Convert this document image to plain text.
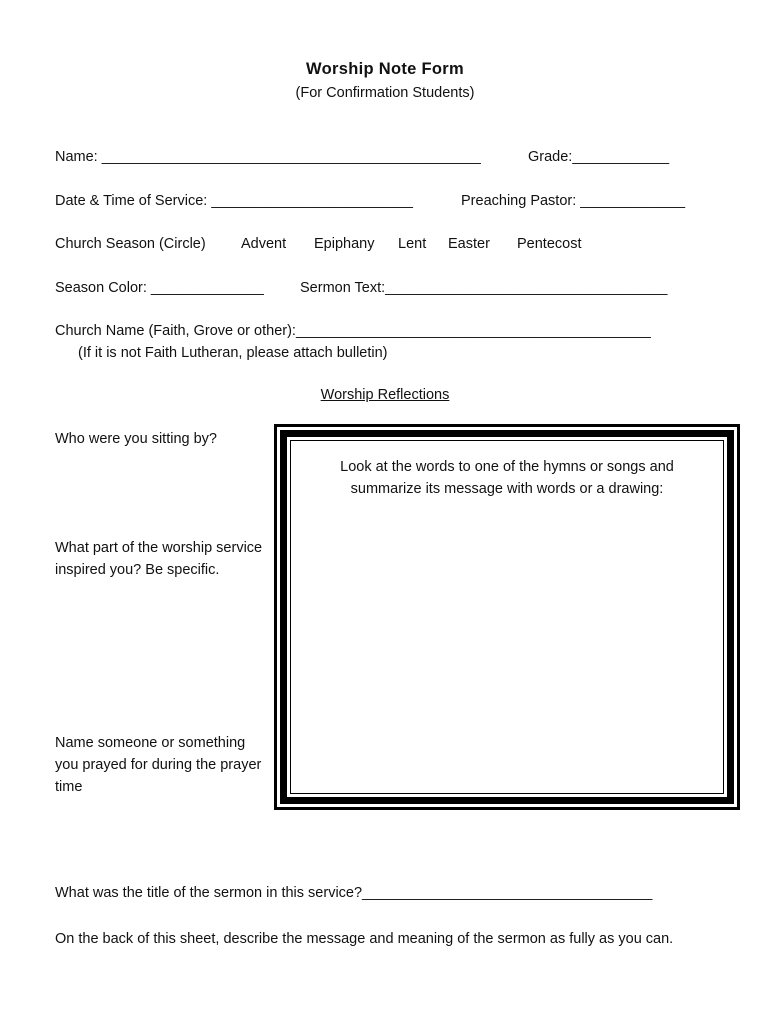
Worship Note Form
(For Confirmation Students)
Name: _______________________________________________	Grade:____________
Date & Time of Service: _________________________	Preaching Pastor: _____________
Church Season (Circle) Advent Epiphany Lent Easter Pentecost
Season Color: ______________ Sermon Text:___________________________________
Church Name (Faith, Grove or other):____________________________________________
(If it is not Faith Lutheran, please attach bulletin)
Worship Reflections
Who were you sitting by?
What part of the worship service inspired you? Be specific.
Name someone or something you prayed for during the prayer time
Look at the words to one of the hymns or songs and summarize its message with words or a drawing:
What was the title of the sermon in this service?____________________________________
On the back of this sheet, describe the message and meaning of the sermon as fully as you can.
